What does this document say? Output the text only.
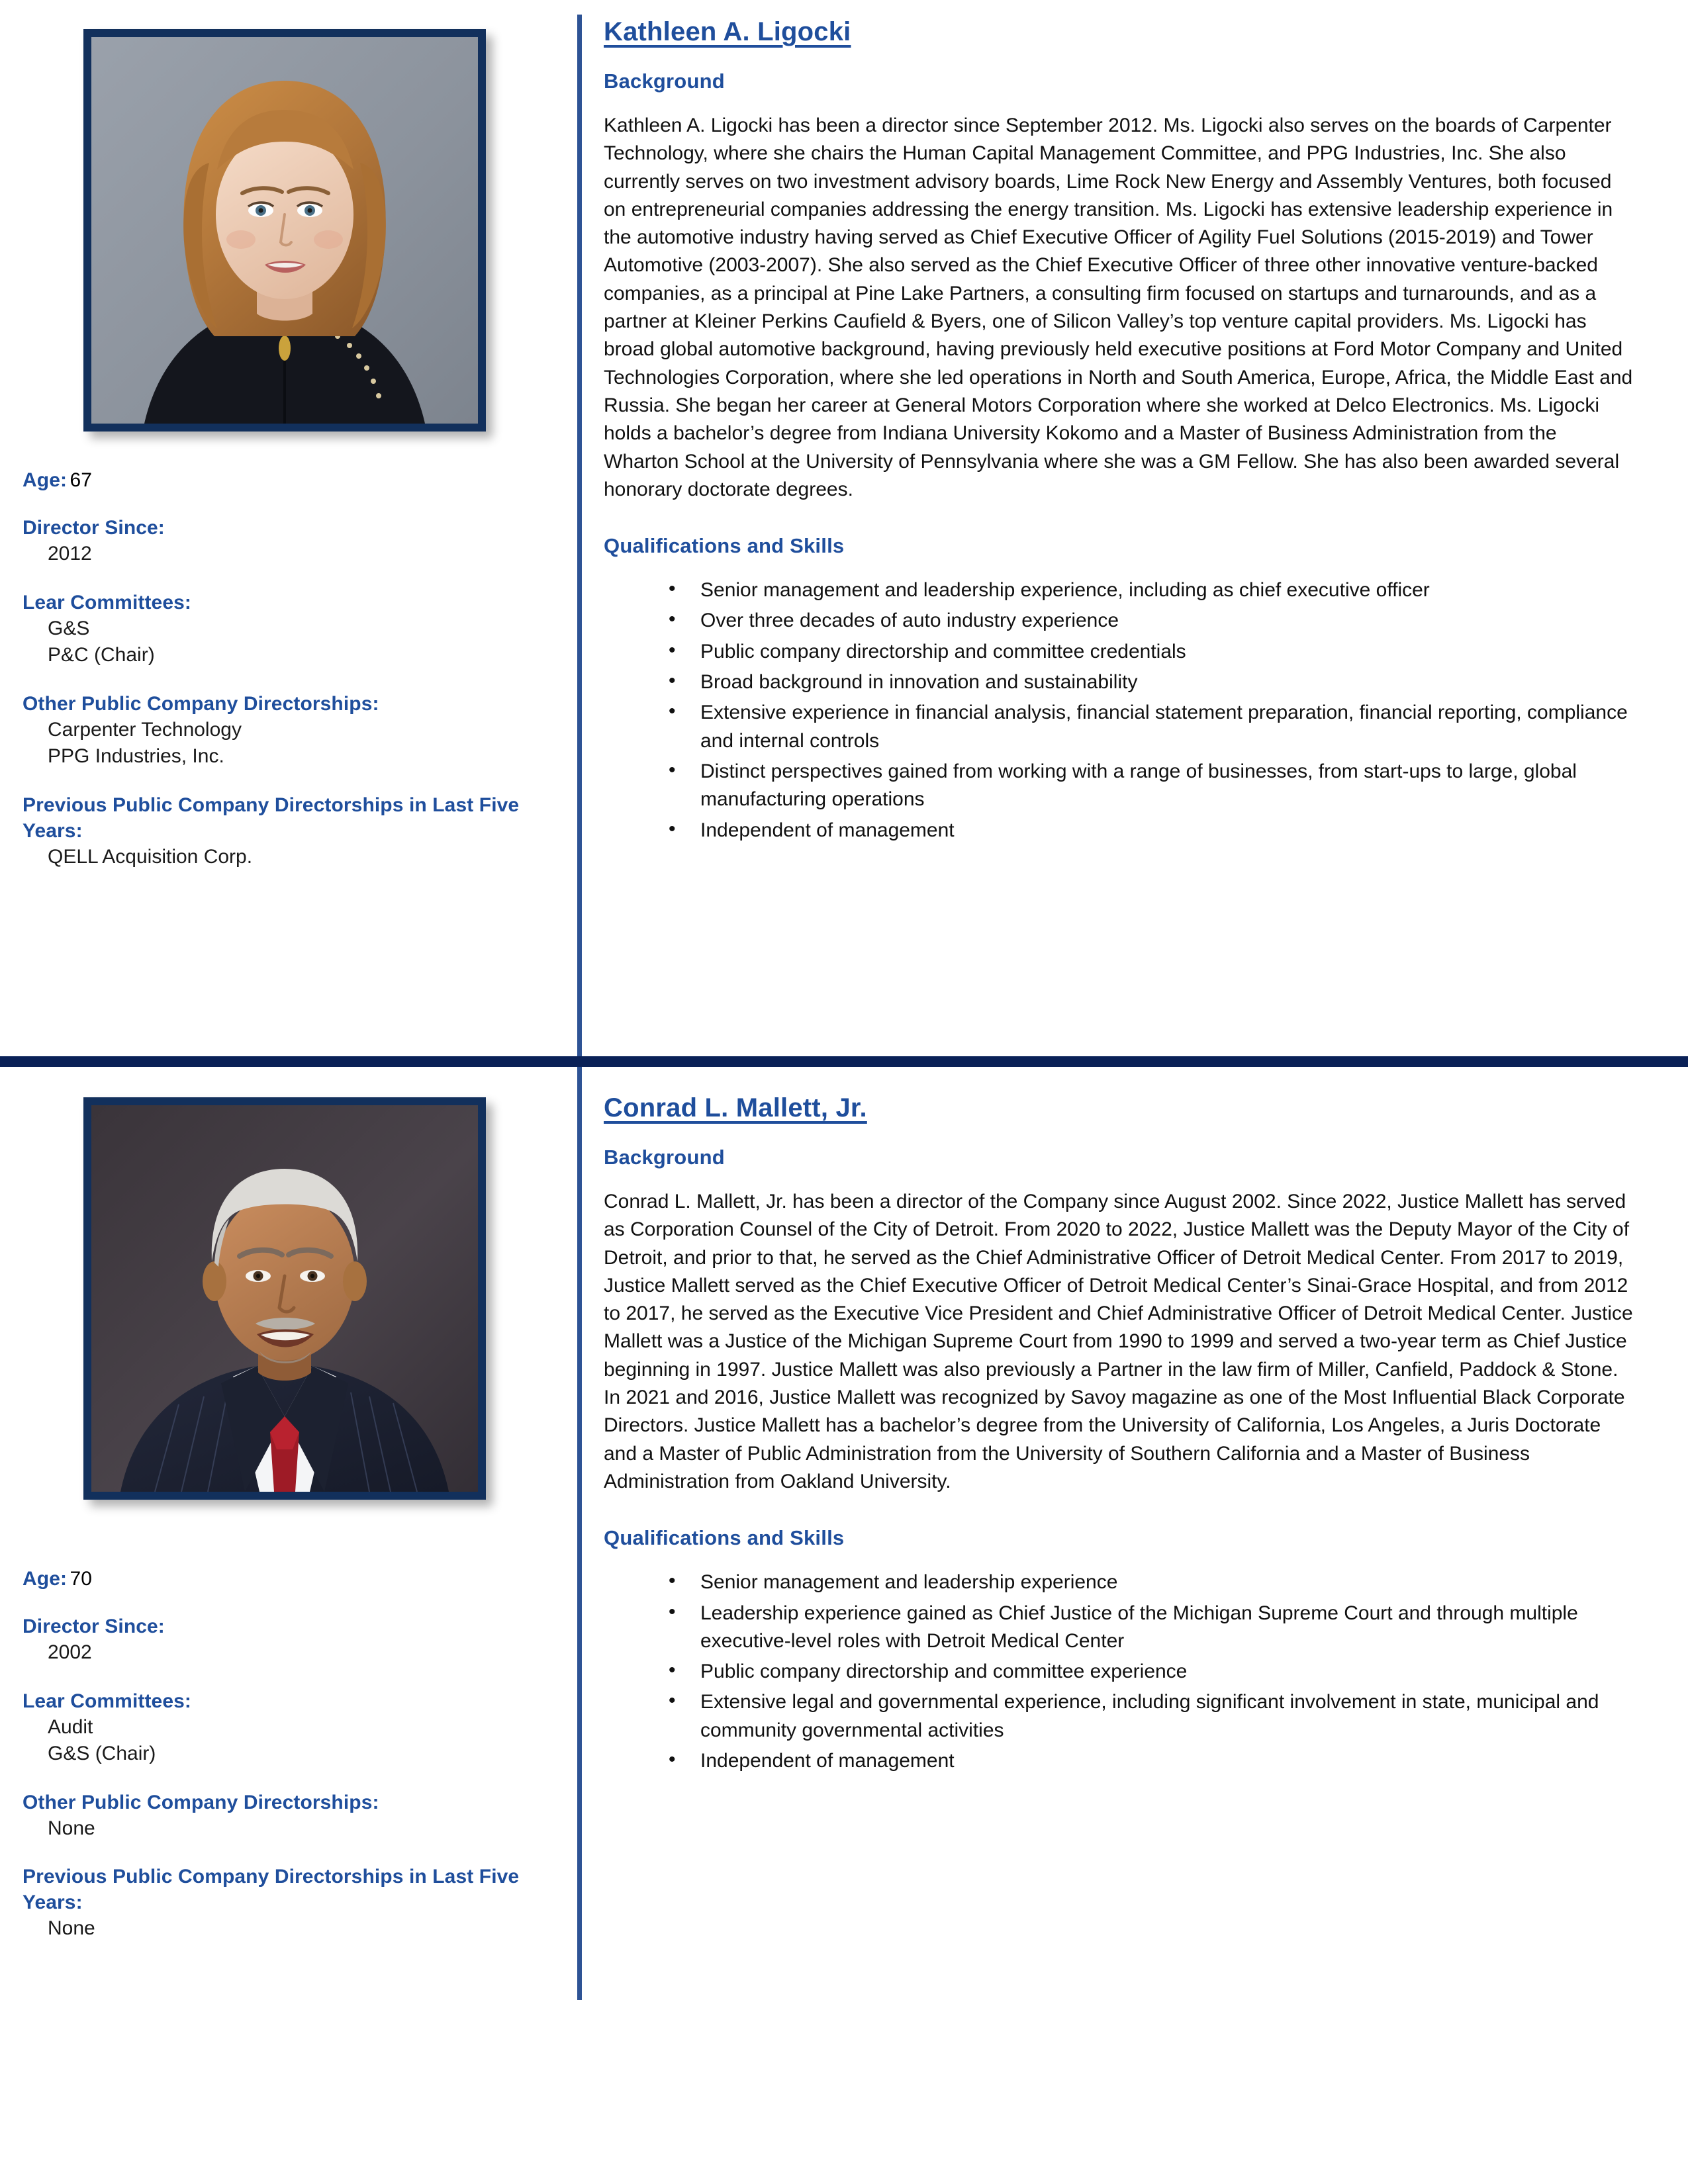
Age: 67
Director Since:
2012
Lear Committees:
G&S
P&C (Chair)
Other Public Company Directorships:
Carpenter Technology
PPG Industries, Inc.
Previous Public Company Directorships in Last Five Years:
QELL Acquisition Corp.
Kathleen A. Ligocki
Background
Kathleen A. Ligocki has been a director since September 2012. Ms. Ligocki also serves on the boards of Carpenter Technology, where she chairs the Human Capital Management Committee, and PPG Industries, Inc. She also currently serves on two investment advisory boards, Lime Rock New Energy and Assembly Ventures, both focused on entrepreneurial companies addressing the energy transition. Ms. Ligocki has extensive leadership experience in the automotive industry having served as Chief Executive Officer of Agility Fuel Solutions (2015-2019) and Tower Automotive (2003-2007). She also served as the Chief Executive Officer of three other innovative venture-backed companies, as a principal at Pine Lake Partners, a consulting firm focused on startups and turnarounds, and as a partner at Kleiner Perkins Caufield & Byers, one of Silicon Valley’s top venture capital providers. Ms. Ligocki has broad global automotive background, having previously held executive positions at Ford Motor Company and United Technologies Corporation, where she led operations in North and South America, Europe, Africa, the Middle East and Russia. She began her career at General Motors Corporation where she worked at Delco Electronics. Ms. Ligocki holds a bachelor’s degree from Indiana University Kokomo and a Master of Business Administration from the Wharton School at the University of Pennsylvania where she was a GM Fellow. She has also been awarded several honorary doctorate degrees.
Qualifications and Skills
• Senior management and leadership experience, including as chief executive officer
• Over three decades of auto industry experience
• Public company directorship and committee credentials
• Broad background in innovation and sustainability
• Extensive experience in financial analysis, financial statement preparation, financial reporting, compliance and internal controls
• Distinct perspectives gained from working with a range of businesses, from start-ups to large, global manufacturing operations
• Independent of management
Age: 70
Director Since:
2002
Lear Committees:
Audit
G&S (Chair)
Other Public Company Directorships:
None
Previous Public Company Directorships in Last Five Years:
None
Conrad L. Mallett, Jr.
Background
Conrad L. Mallett, Jr. has been a director of the Company since August 2002. Since 2022, Justice Mallett has served as Corporation Counsel of the City of Detroit. From 2020 to 2022, Justice Mallett was the Deputy Mayor of the City of Detroit, and prior to that, he served as the Chief Administrative Officer of Detroit Medical Center. From 2017 to 2019, Justice Mallett served as the Chief Executive Officer of Detroit Medical Center’s Sinai-Grace Hospital, and from 2012 to 2017, he served as the Executive Vice President and Chief Administrative Officer of Detroit Medical Center. Justice Mallett was a Justice of the Michigan Supreme Court from 1990 to 1999 and served a two-year term as Chief Justice beginning in 1997. Justice Mallett was also previously a Partner in the law firm of Miller, Canfield, Paddock & Stone. In 2021 and 2016, Justice Mallett was recognized by Savoy magazine as one of the Most Influential Black Corporate Directors. Justice Mallett has a bachelor’s degree from the University of California, Los Angeles, a Juris Doctorate and a Master of Public Administration from the University of Southern California and a Master of Business Administration from Oakland University.
Qualifications and Skills
• Senior management and leadership experience
• Leadership experience gained as Chief Justice of the Michigan Supreme Court and through multiple executive-level roles with Detroit Medical Center
• Public company directorship and committee experience
• Extensive legal and governmental experience, including significant involvement in state, municipal and community governmental activities
• Independent of management
